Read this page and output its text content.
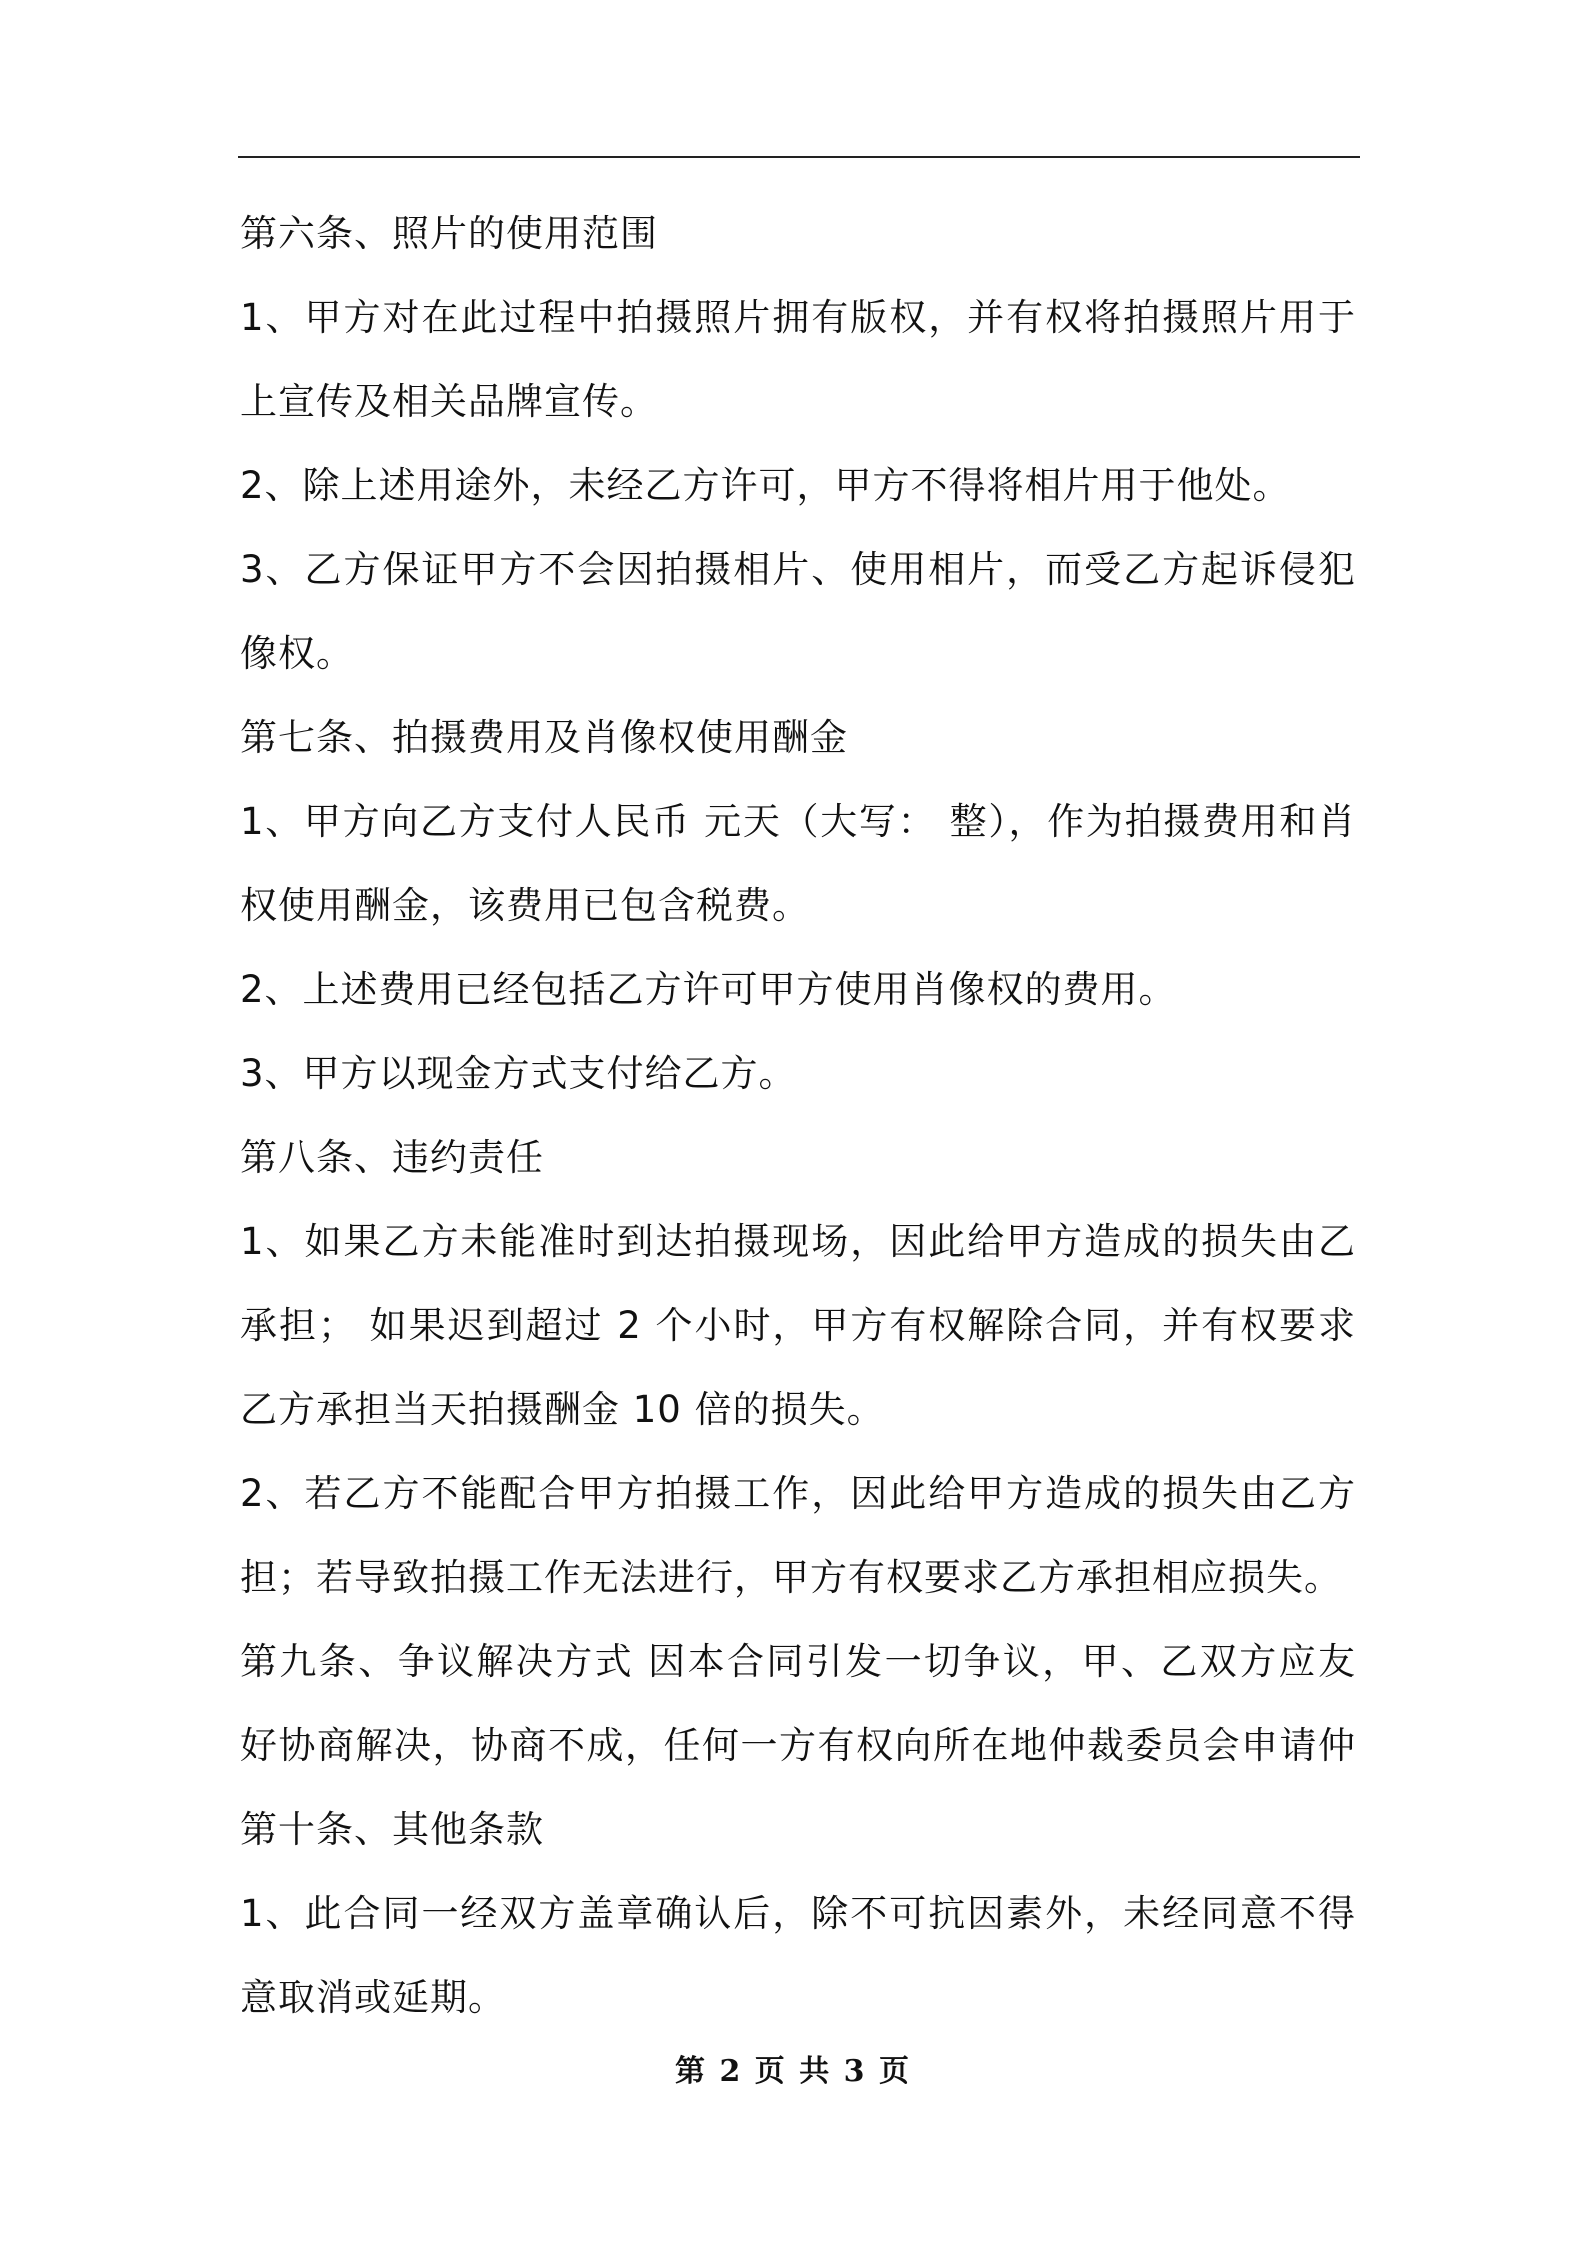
第六条、照片的使用范围
1、甲方对在此过程中拍摄照片拥有版权，并有权将拍摄照片用于
上宣传及相关品牌宣传。
2、除上述用途外，未经乙方许可，甲方不得将相片用于他处。
3、乙方保证甲方不会因拍摄相片、使用相片，而受乙方起诉侵犯
像权。
第七条、拍摄费用及肖像权使用酬金
1、甲方向乙方支付人民币 元天（大写： 整），作为拍摄费用和肖
权使用酬金，该费用已包含税费。
2、上述费用已经包括乙方许可甲方使用肖像权的费用。
3、甲方以现金方式支付给乙方。
第八条、违约责任
1、如果乙方未能准时到达拍摄现场，因此给甲方造成的损失由乙
承担； 如果迟到超过 2 个小时，甲方有权解除合同，并有权要求
乙方承担当天拍摄酬金 10 倍的损失。
2、若乙方不能配合甲方拍摄工作，因此给甲方造成的损失由乙方
担；若导致拍摄工作无法进行，甲方有权要求乙方承担相应损失。
第九条、争议解决方式 因本合同引发一切争议，甲、乙双方应友
好协商解决，协商不成，任何一方有权向所在地仲裁委员会申请仲
第十条、其他条款
1、此合同一经双方盖章确认后，除不可抗因素外，未经同意不得
意取消或延期。
第 2 页 共 3 页
